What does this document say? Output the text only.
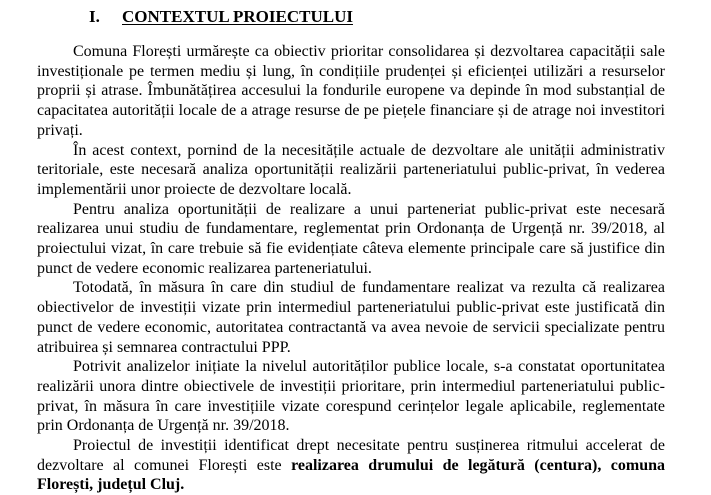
I. CONTEXTUL PROIECTULUI

Comuna Florești urmărește ca obiectiv prioritar consolidarea și dezvoltarea capacității sale investiționale pe termen mediu și lung, în condițiile prudenței și eficienței utilizări a resurselor proprii și atrase. Îmbunătățirea accesului la fondurile europene va depinde în mod substanțial de capacitatea autorității locale de a atrage resurse de pe piețele financiare și de atrage noi investitori privați.

În acest context, pornind de la necesitățile actuale de dezvoltare ale unității administrativ teritoriale, este necesară analiza oportunității realizării parteneriatului public-privat, în vederea implementării unor proiecte de dezvoltare locală.

Pentru analiza oportunității de realizare a unui parteneriat public-privat este necesară realizarea unui studiu de fundamentare, reglementat prin Ordonanța de Urgență nr. 39/2018, al proiectului vizat, în care trebuie să fie evidențiate câteva elemente principale care să justifice din punct de vedere economic realizarea parteneriatului.

Totodată, în măsura în care din studiul de fundamentare realizat va rezulta că realizarea obiectivelor de investiții vizate prin intermediul parteneriatului public-privat este justificată din punct de vedere economic, autoritatea contractantă va avea nevoie de servicii specializate pentru atribuirea și semnarea contractului PPP.

Potrivit analizelor inițiate la nivelul autorităților publice locale, s-a constatat oportunitatea realizării unora dintre obiectivele de investiții prioritare, prin intermediul parteneriatului public-privat, în măsura în care investițiile vizate corespund cerințelor legale aplicabile, reglementate prin Ordonanța de Urgență nr. 39/2018.

Proiectul de investiții identificat drept necesitate pentru susținerea ritmului accelerat de dezvoltare al comunei Florești este realizarea drumului de legătură (centura), comuna Florești, județul Cluj.
